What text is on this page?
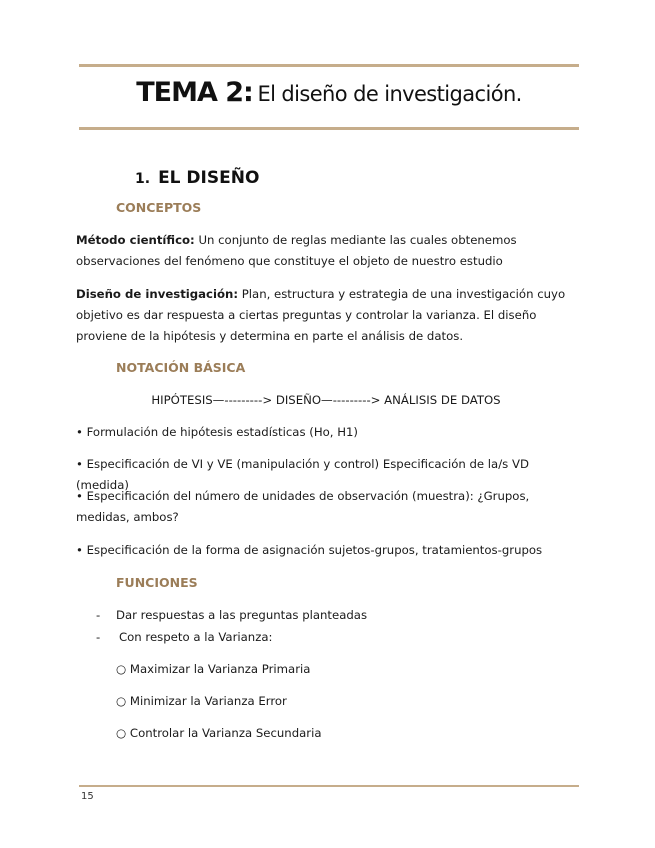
TEMA 2: El diseño de investigación.
1. EL DISEÑO
CONCEPTOS
Método científico: Un conjunto de reglas mediante las cuales obtenemos observaciones del fenómeno que constituye el objeto de nuestro estudio
Diseño de investigación: Plan, estructura y estrategia de una investigación cuyo objetivo es dar respuesta a ciertas preguntas y controlar la varianza. El diseño proviene de la hipótesis y determina en parte el análisis de datos.
NOTACIÓN BÁSICA
HIPÓTESIS—---------> DISEÑO—---------> ANÁLISIS DE DATOS
• Formulación de hipótesis estadísticas (Ho, H1)
• Especificación de VI y VE (manipulación y control) Especificación de la/s VD (medida)
• Especificación del número de unidades de observación (muestra): ¿Grupos, medidas, ambos?
• Especificación de la forma de asignación sujetos-grupos, tratamientos-grupos
FUNCIONES
- Dar respuestas a las preguntas planteadas
- Con respeto a la Varianza:
○ Maximizar la Varianza Primaria
○ Minimizar la Varianza Error
○ Controlar la Varianza Secundaria
15
